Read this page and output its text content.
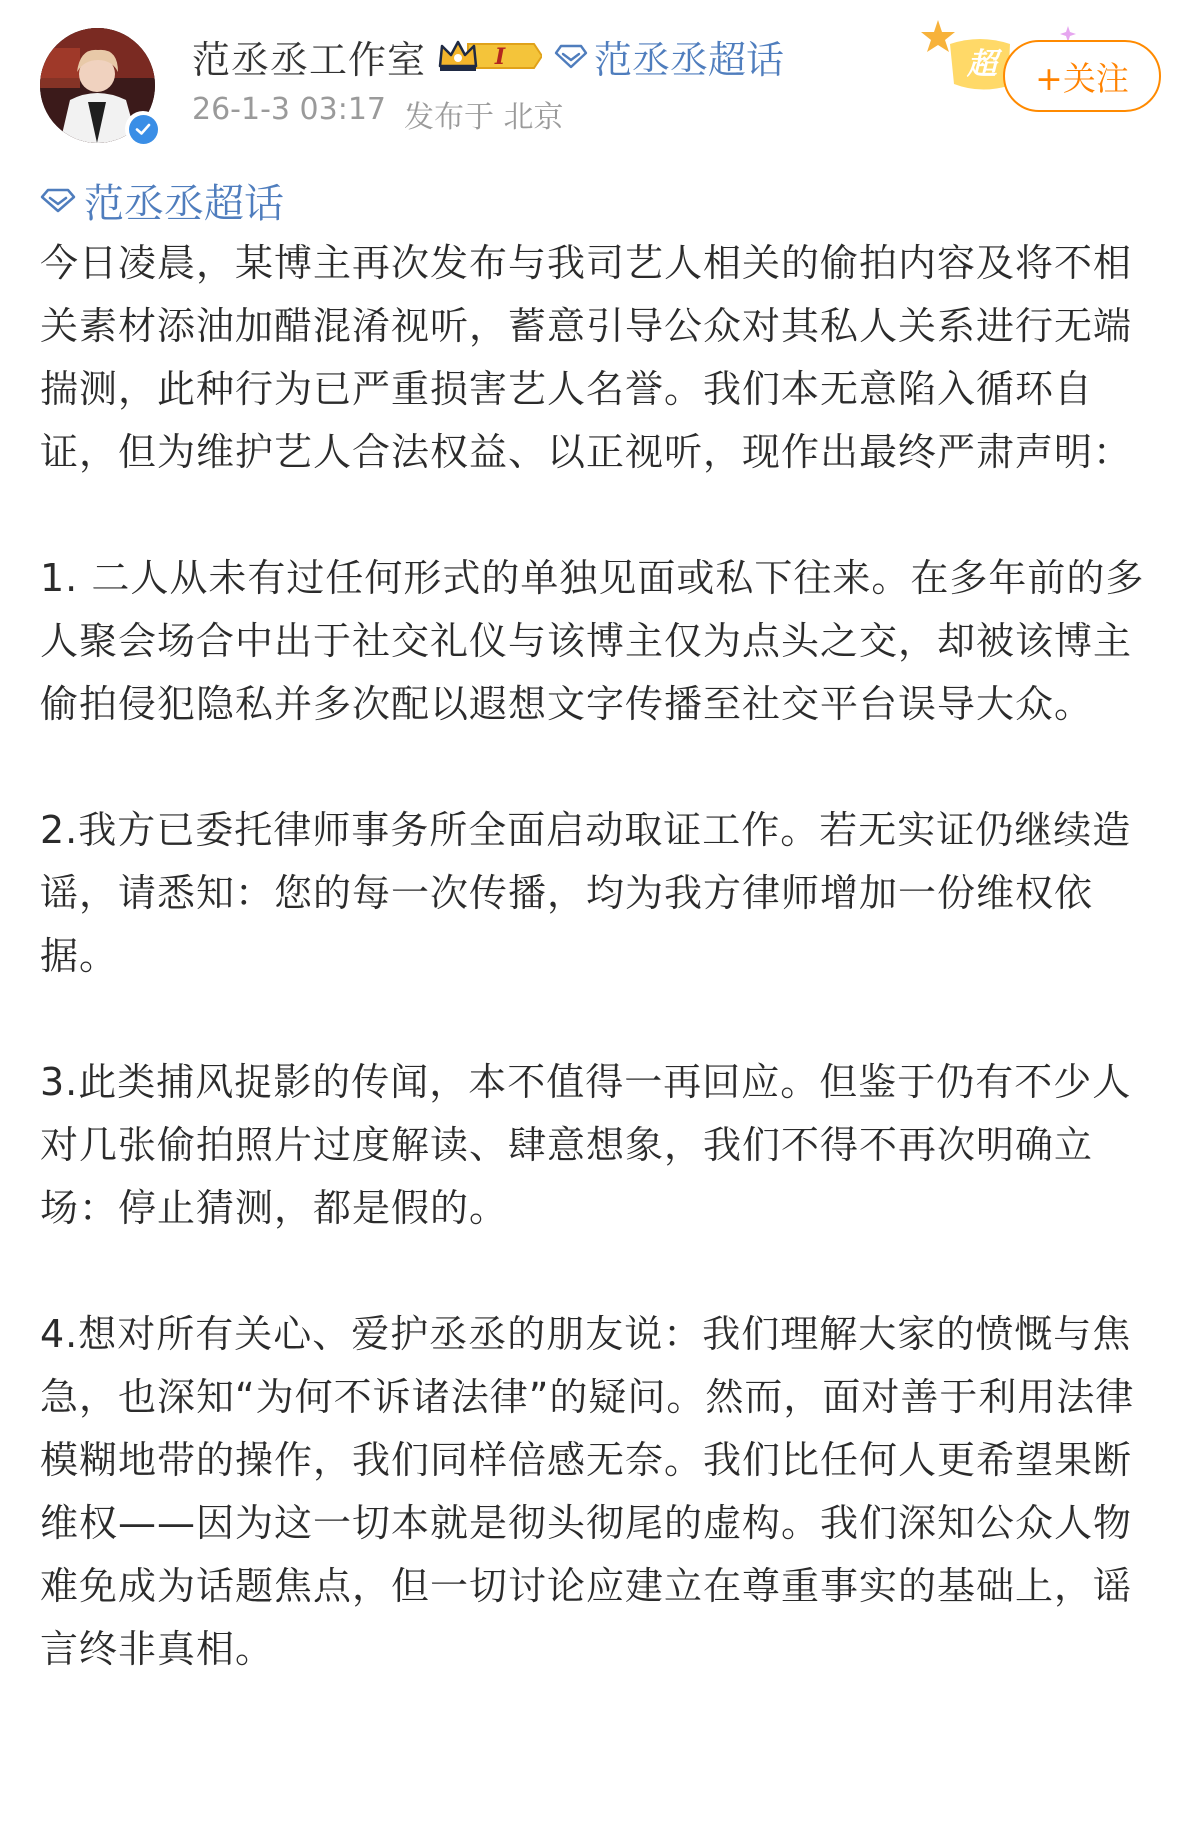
范丞丞工作室	I 范丞丞超话
26-1-3 03:17 发布于 北京
超	+关注
范丞丞超话

今日凌晨，某博主再次发布与我司艺人相关的偷拍内容及将不相关素材添油加醋混淆视听，蓄意引导公众对其私人关系进行无端揣测，此种行为已严重损害艺人名誉。我们本无意陷入循环自证，但为维护艺人合法权益、以正视听，现作出最终严肃声明：

1. 二人从未有过任何形式的单独见面或私下往来。在多年前的多人聚会场合中出于社交礼仪与该博主仅为点头之交，却被该博主偷拍侵犯隐私并多次配以遐想文字传播至社交平台误导大众。

2.我方已委托律师事务所全面启动取证工作。若无实证仍继续造谣，请悉知：您的每一次传播，均为我方律师增加一份维权依据。

3.此类捕风捉影的传闻，本不值得一再回应。但鉴于仍有不少人对几张偷拍照片过度解读、肆意想象，我们不得不再次明确立场：停止猜测，都是假的。

4.想对所有关心、爱护丞丞的朋友说：我们理解大家的愤慨与焦急，也深知“为何不诉诸法律”的疑问。然而，面对善于利用法律模糊地带的操作，我们同样倍感无奈。我们比任何人更希望果断维权——因为这一切本就是彻头彻尾的虚构。我们深知公众人物难免成为话题焦点，但一切讨论应建立在尊重事实的基础上，谣言终非真相。
